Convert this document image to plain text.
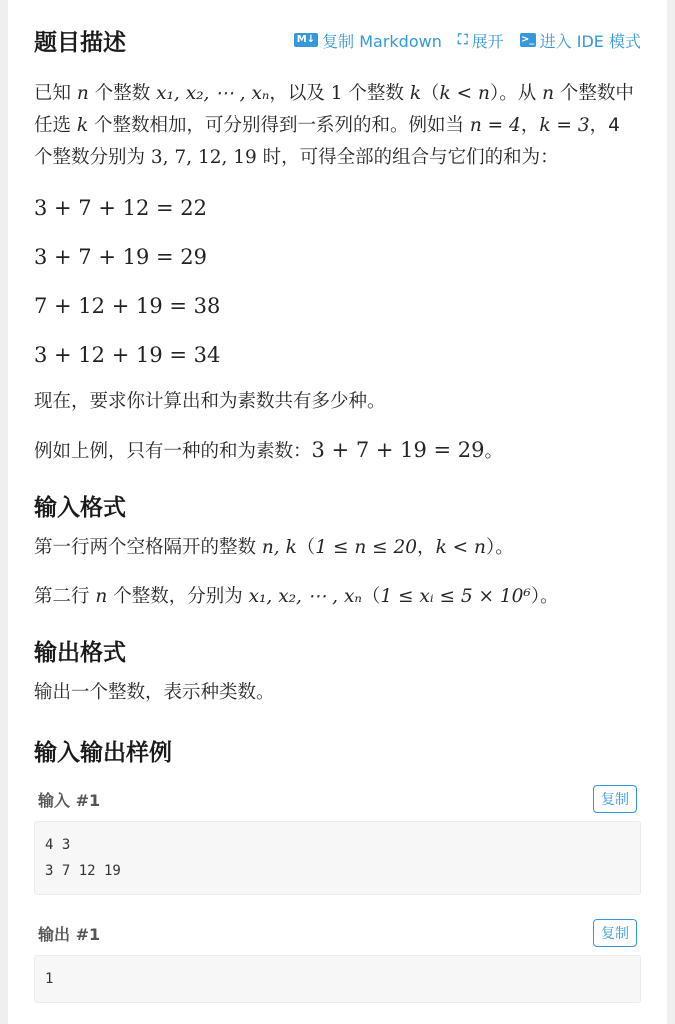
题目描述	M↓ 复制 Markdown ⛶ 展开 >_ 进入 IDE 模式

已知 n 个整数 x₁, x₂, ⋯ , xₙ，以及 1 个整数 k（k < n）。从 n 个整数中任选 k 个整数相加，可分别得到一系列的和。例如当 n = 4，k = 3，4 个整数分别为 3, 7, 12, 19 时，可得全部的组合与它们的和为：

3 + 7 + 12 = 22
3 + 7 + 19 = 29
7 + 12 + 19 = 38
3 + 12 + 19 = 34

现在，要求你计算出和为素数共有多少种。

例如上例，只有一种的和为素数：3 + 7 + 19 = 29。

输入格式

第一行两个空格隔开的整数 n, k（1 ≤ n ≤ 20，k < n）。

第二行 n 个整数，分别为 x₁, x₂, ⋯ , xₙ（1 ≤ xᵢ ≤ 5 × 10⁶）。

输出格式

输出一个整数，表示种类数。

输入输出样例
输入 #1	复制
4 3
3 7 12 19
输出 #1	复制
1
